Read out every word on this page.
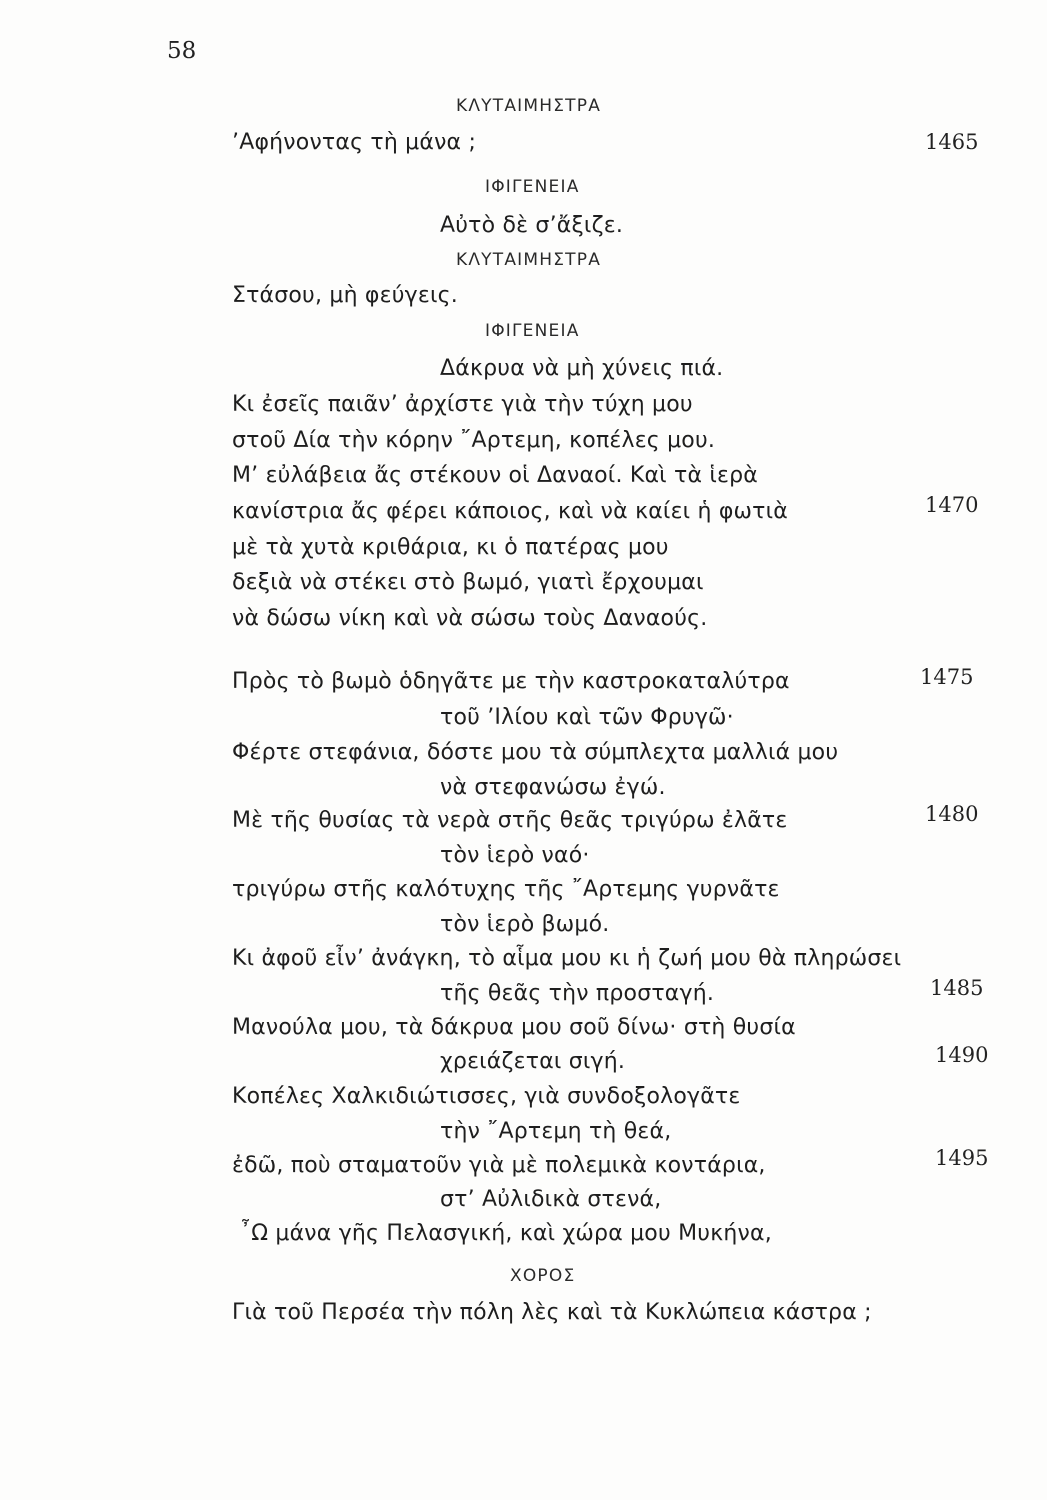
58
ΚΛΥΤΑΙΜΗΣΤΡΑ
’Αφήνοντας τὴ μάνα ;	1465
ΙΦΙΓΕΝΕΙΑ
Αὐτὸ δὲ σ’ἄξιζε.
ΚΛΥΤΑΙΜΗΣΤΡΑ
Στάσου, μὴ φεύγεις.
ΙΦΙΓΕΝΕΙΑ
Δάκρυα νὰ μὴ χύνεις πιά.
Κι ἐσεῖς παιᾶν’ ἀρχίστε γιὰ τὴν τύχη μου
στοῦ Δία τὴν κόρην ῎Αρτεμη, κοπέλες μου.
Μ’ εὐλάβεια ἄς στέκουν οἱ Δαναοί. Καὶ τὰ ἱερὰ
κανίστρια ἄς φέρει κάποιος, καὶ νὰ καίει ἡ φωτιὰ	1470
μὲ τὰ χυτὰ κριθάρια, κι ὁ πατέρας μου
δεξιὰ νὰ στέκει στὸ βωμό, γιατὶ ἔρχουμαι
νὰ δώσω νίκη καὶ νὰ σώσω τοὺς Δαναούς.
Πρὸς τὸ βωμὸ ὁδηγᾶτε με τὴν καστροκαταλύτρα	1475
τοῦ ’Ιλίου καὶ τῶν Φρυγῶ·
Φέρτε στεφάνια, δόστε μου τὰ σύμπλεχτα μαλλιά μου
νὰ στεφανώσω ἐγώ.
Μὲ τῆς θυσίας τὰ νερὰ στῆς θεᾶς τριγύρω ἐλᾶτε	1480
τὸν ἱερὸ ναό·
τριγύρω στῆς καλότυχης τῆς ῎Αρτεμης γυρνᾶτε
τὸν ἱερὸ βωμό.
Κι ἀφοῦ εἶν’ ἀνάγκη, τὸ αἷμα μου κι ἡ ζωή μου θὰ πληρώσει
τῆς θεᾶς τὴν προσταγή.	1485
Μανούλα μου, τὰ δάκρυα μου σοῦ δίνω· στὴ θυσία
χρειάζεται σιγή.	1490
Κοπέλες Χαλκιδιώτισσες, γιὰ συνδοξολογᾶτε
τὴν ῎Αρτεμη τὴ θεά,
ἐδῶ, ποὺ σταματοῦν γιὰ μὲ πολεμικὰ κοντάρια,	1495
στ’ Αὐλιδικὰ στενά,
῏Ω μάνα γῆς Πελασγική, καὶ χώρα μου Μυκήνα,
ΧΟΡΟΣ
Γιὰ τοῦ Περσέα τὴν πόλη λὲς καὶ τὰ Κυκλώπεια κάστρα ;
